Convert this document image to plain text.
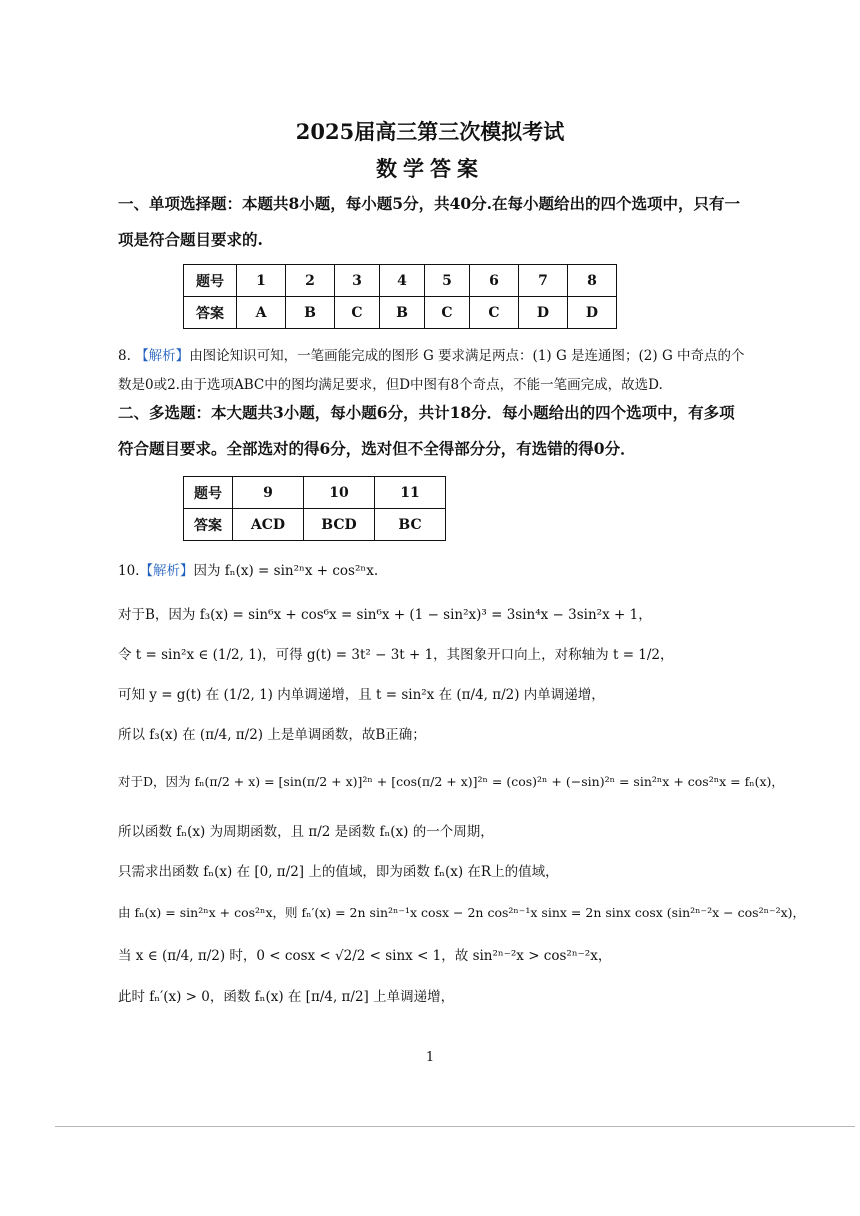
2025届高三第三次模拟考试
数学答案
一、单项选择题：本题共8小题，每小题5分，共40分.在每小题给出的四个选项中，只有一
项是符合题目要求的.
题号	1	2	3	4	5	6	7	8
答案	A	B	C	B	C	C	D	D
8. 【解析】由图论知识可知，一笔画能完成的图形 G 要求满足两点：(1) G 是连通图；(2) G 中奇点的个
数是0或2.由于选项ABC中的图均满足要求，但D中图有8个奇点，不能一笔画完成，故选D.
二、多选题：本大题共3小题，每小题6分，共计18分．每小题给出的四个选项中，有多项
符合题目要求。全部选对的得6分，选对但不全得部分分，有选错的得0分．
题号	9	10	11
答案	ACD	BCD	BC
10.【解析】因为 fₙ(x) = sin²ⁿx + cos²ⁿx.
对于B，因为 f₃(x) = sin⁶x + cos⁶x = sin⁶x + (1 − sin²x)³ = 3sin⁴x − 3sin²x + 1，
令 t = sin²x ∈ (1/2, 1)，可得 g(t) = 3t² − 3t + 1，其图象开口向上，对称轴为 t = 1/2，
可知 y = g(t) 在 (1/2, 1) 内单调递增，且 t = sin²x 在 (π/4, π/2) 内单调递增，
所以 f₃(x) 在 (π/4, π/2) 上是单调函数，故B正确；
对于D，因为 fₙ(π/2 + x) = [sin(π/2 + x)]²ⁿ + [cos(π/2 + x)]²ⁿ = (cos)²ⁿ + (−sin)²ⁿ = sin²ⁿx + cos²ⁿx = fₙ(x)，
所以函数 fₙ(x) 为周期函数，且 π/2 是函数 fₙ(x) 的一个周期，
只需求出函数 fₙ(x) 在 [0, π/2] 上的值域，即为函数 fₙ(x) 在R上的值域，
由 fₙ(x) = sin²ⁿx + cos²ⁿx，则 fₙ′(x) = 2n sin²ⁿ⁻¹x cosx − 2n cos²ⁿ⁻¹x sinx = 2n sinx cosx (sin²ⁿ⁻²x − cos²ⁿ⁻²x)，
当 x ∈ (π/4, π/2) 时，0 < cosx < √2/2 < sinx < 1，故 sin²ⁿ⁻²x > cos²ⁿ⁻²x，
此时 fₙ′(x) > 0，函数 fₙ(x) 在 [π/4, π/2] 上单调递增，
1
